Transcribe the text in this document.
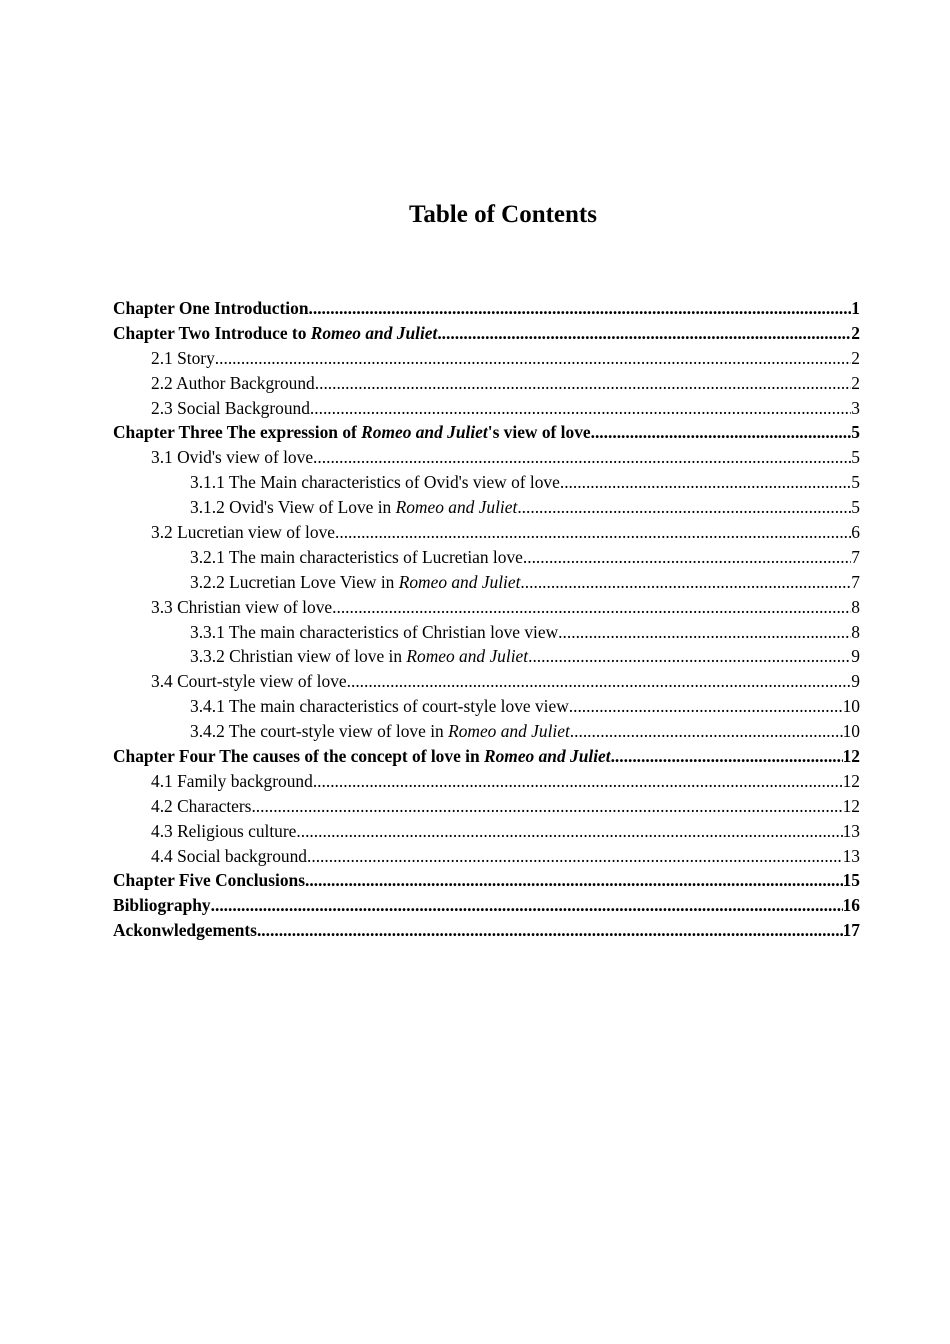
Table of Contents
Chapter One Introduction .....	1
Chapter Two Introduce to Romeo and Juliet .....	2
2.1 Story .....	2
2.2 Author Background .....	2
2.3 Social Background .....	3
Chapter Three The expression of Romeo and Juliet's view of love .....	5
3.1 Ovid's view of love .....	5
3.1.1 The Main characteristics of Ovid's view of love .....	5
3.1.2 Ovid's View of Love in Romeo and Juliet .....	5
3.2 Lucretian view of love .....	6
3.2.1 The main characteristics of Lucretian love .....	7
3.2.2 Lucretian Love View in Romeo and Juliet .....	7
3.3 Christian view of love .....	8
3.3.1 The main characteristics of Christian love view .....	8
3.3.2 Christian view of love in Romeo and Juliet .....	9
3.4 Court-style view of love .....	9
3.4.1 The main characteristics of court-style love view .....	10
3.4.2 The court-style view of love in Romeo and Juliet .....	10
Chapter Four The causes of the concept of love in Romeo and Juliet .....	12
4.1 Family background .....	12
4.2 Characters .....	12
4.3 Religious culture .....	13
4.4 Social background .....	13
Chapter Five Conclusions .....	15
Bibliography .....	16
Ackonwledgements .....	17
